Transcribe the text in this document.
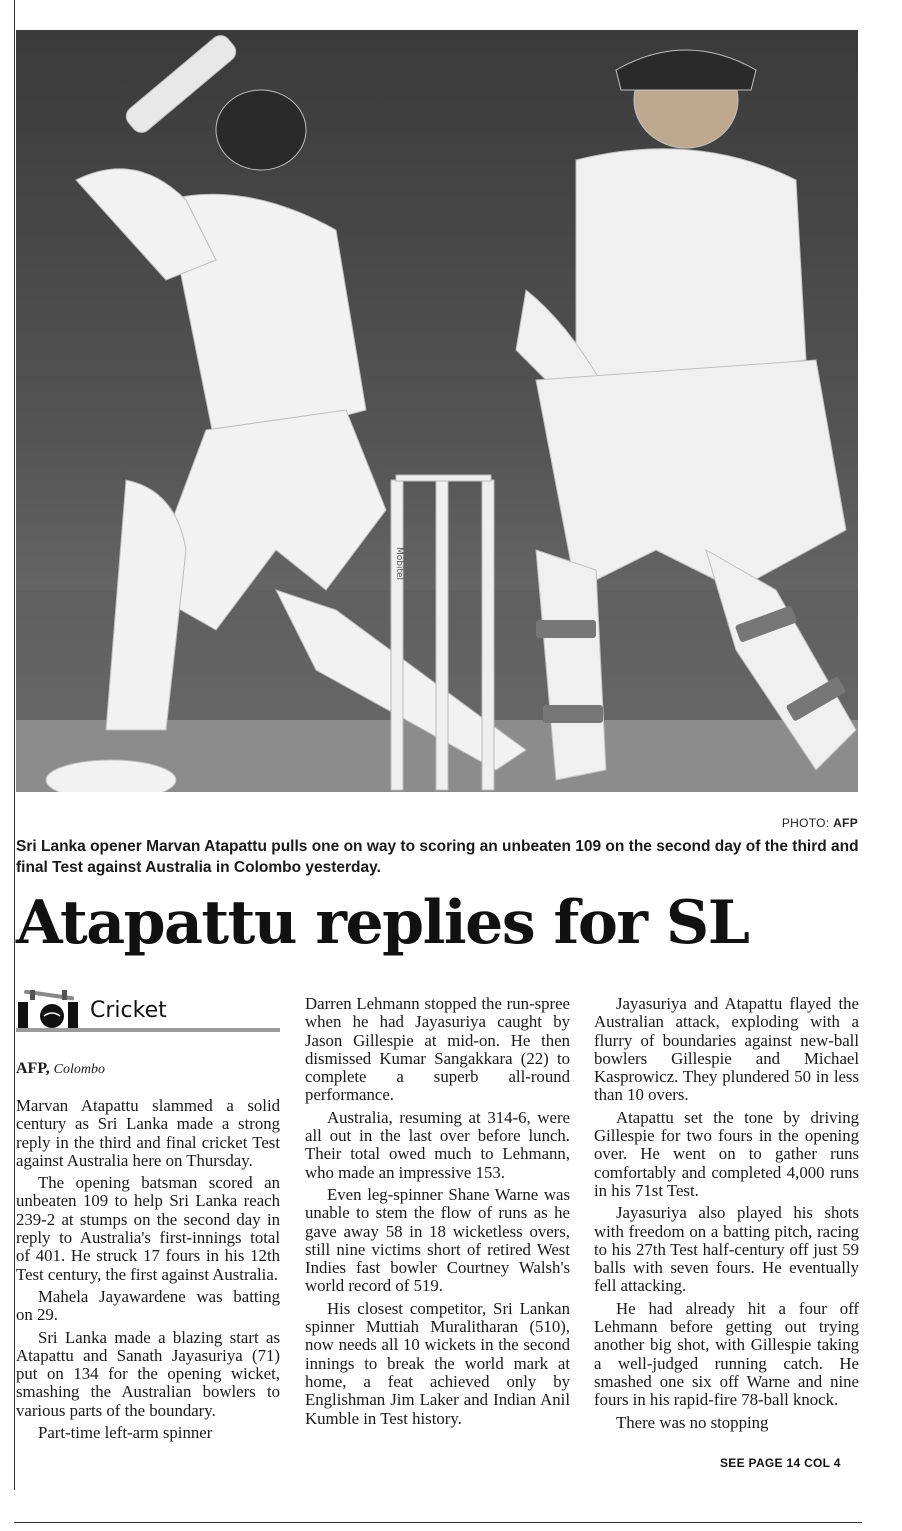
Mobitel
PHOTO: AFP
Sri Lanka opener Marvan Atapattu pulls one on way to scoring an unbeaten 109 on the second day of the third and final Test against Australia in Colombo yesterday.
Atapattu replies for SL
Cricket
AFP, Colombo

Marvan Atapattu slammed a solid century as Sri Lanka made a strong reply in the third and final cricket Test against Australia here on Thursday.

The opening batsman scored an unbeaten 109 to help Sri Lanka reach 239-2 at stumps on the second day in reply to Australia's first-innings total of 401. He struck 17 fours in his 12th Test century, the first against Australia.

Mahela Jayawardene was batting on 29.

Sri Lanka made a blazing start as Atapattu and Sanath Jayasuriya (71) put on 134 for the opening wicket, smashing the Australian bowlers to various parts of the boundary.

Part-time left-arm spinner

Darren Lehmann stopped the run-spree when he had Jayasuriya caught by Jason Gillespie at mid-on. He then dismissed Kumar Sangakkara (22) to complete a superb all-round performance.

Australia, resuming at 314-6, were all out in the last over before lunch. Their total owed much to Lehmann, who made an impressive 153.

Even leg-spinner Shane Warne was unable to stem the flow of runs as he gave away 58 in 18 wicketless overs, still nine victims short of retired West Indies fast bowler Courtney Walsh's world record of 519.

His closest competitor, Sri Lankan spinner Muttiah Muralitharan (510), now needs all 10 wickets in the second innings to break the world mark at home, a feat achieved only by Englishman Jim Laker and Indian Anil Kumble in Test history.

Jayasuriya and Atapattu flayed the Australian attack, exploding with a flurry of boundaries against new-ball bowlers Gillespie and Michael Kasprowicz. They plundered 50 in less than 10 overs.

Atapattu set the tone by driving Gillespie for two fours in the opening over. He went on to gather runs comfortably and completed 4,000 runs in his 71st Test.

Jayasuriya also played his shots with freedom on a batting pitch, racing to his 27th Test half-century off just 59 balls with seven fours. He eventually fell attacking.

He had already hit a four off Lehmann before getting out trying another big shot, with Gillespie taking a well-judged running catch. He smashed one six off Warne and nine fours in his rapid-fire 78-ball knock.

There was no stopping

SEE PAGE 14 COL 4
